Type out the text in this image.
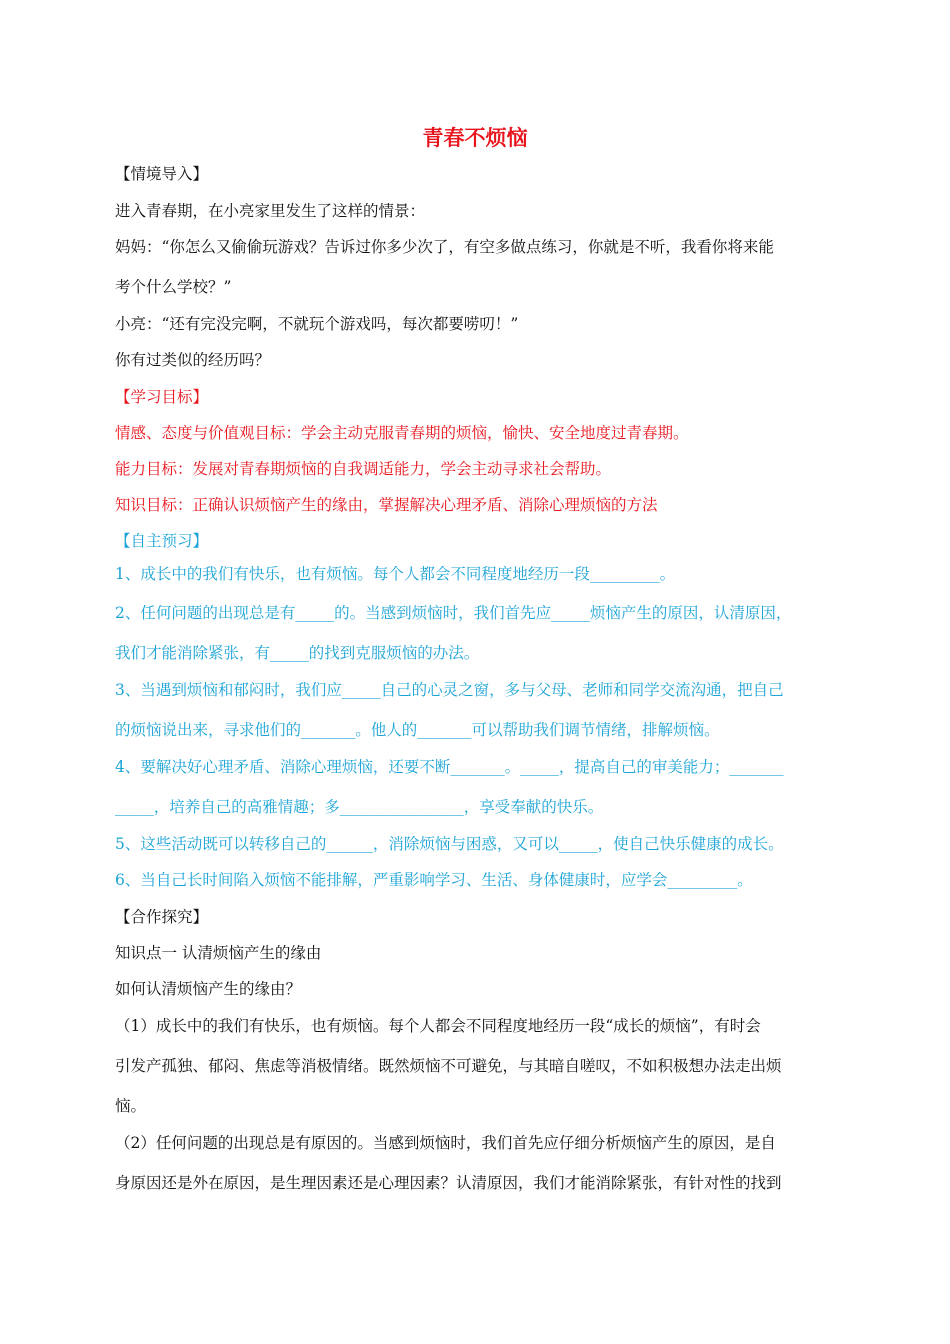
青春不烦恼
【情境导入】
进入青春期，在小亮家里发生了这样的情景：
妈妈：“你怎么又偷偷玩游戏？告诉过你多少次了，有空多做点练习，你就是不听，我看你将来能
考个什么学校？”
小亮：“还有完没完啊，不就玩个游戏吗，每次都要唠叨！”
你有过类似的经历吗？
【学习目标】
情感、态度与价值观目标：学会主动克服青春期的烦恼，愉快、安全地度过青春期。
能力目标：发展对青春期烦恼的自我调适能力，学会主动寻求社会帮助。
知识目标：正确认识烦恼产生的缘由，掌握解决心理矛盾、消除心理烦恼的方法
【自主预习】
1、成长中的我们有快乐，也有烦恼。每个人都会不同程度地经历一段_________。
2、任何问题的出现总是有_____的。当感到烦恼时，我们首先应_____烦恼产生的原因，认清原因，
我们才能消除紧张，有_____的找到克服烦恼的办法。
3、当遇到烦恼和郁闷时，我们应_____自己的心灵之窗，多与父母、老师和同学交流沟通，把自己
的烦恼说出来，寻求他们的_______。他人的_______可以帮助我们调节情绪，排解烦恼。
4、要解决好心理矛盾、消除心理烦恼，还要不断_______。_____，提高自己的审美能力；_______
_____，培养自己的高雅情趣；多________________，享受奉献的快乐。
5、这些活动既可以转移自己的______，消除烦恼与困惑，又可以_____，使自己快乐健康的成长。
6、当自己长时间陷入烦恼不能排解，严重影响学习、生活、身体健康时，应学会_________。
【合作探究】
知识点一 认清烦恼产生的缘由
如何认清烦恼产生的缘由？
（1）成长中的我们有快乐，也有烦恼。每个人都会不同程度地经历一段“成长的烦恼”，有时会
引发产孤独、郁闷、焦虑等消极情绪。既然烦恼不可避免，与其暗自嗟叹，不如积极想办法走出烦
恼。
（2）任何问题的出现总是有原因的。当感到烦恼时，我们首先应仔细分析烦恼产生的原因，是自
身原因还是外在原因，是生理因素还是心理因素？认清原因，我们才能消除紧张，有针对性的找到
